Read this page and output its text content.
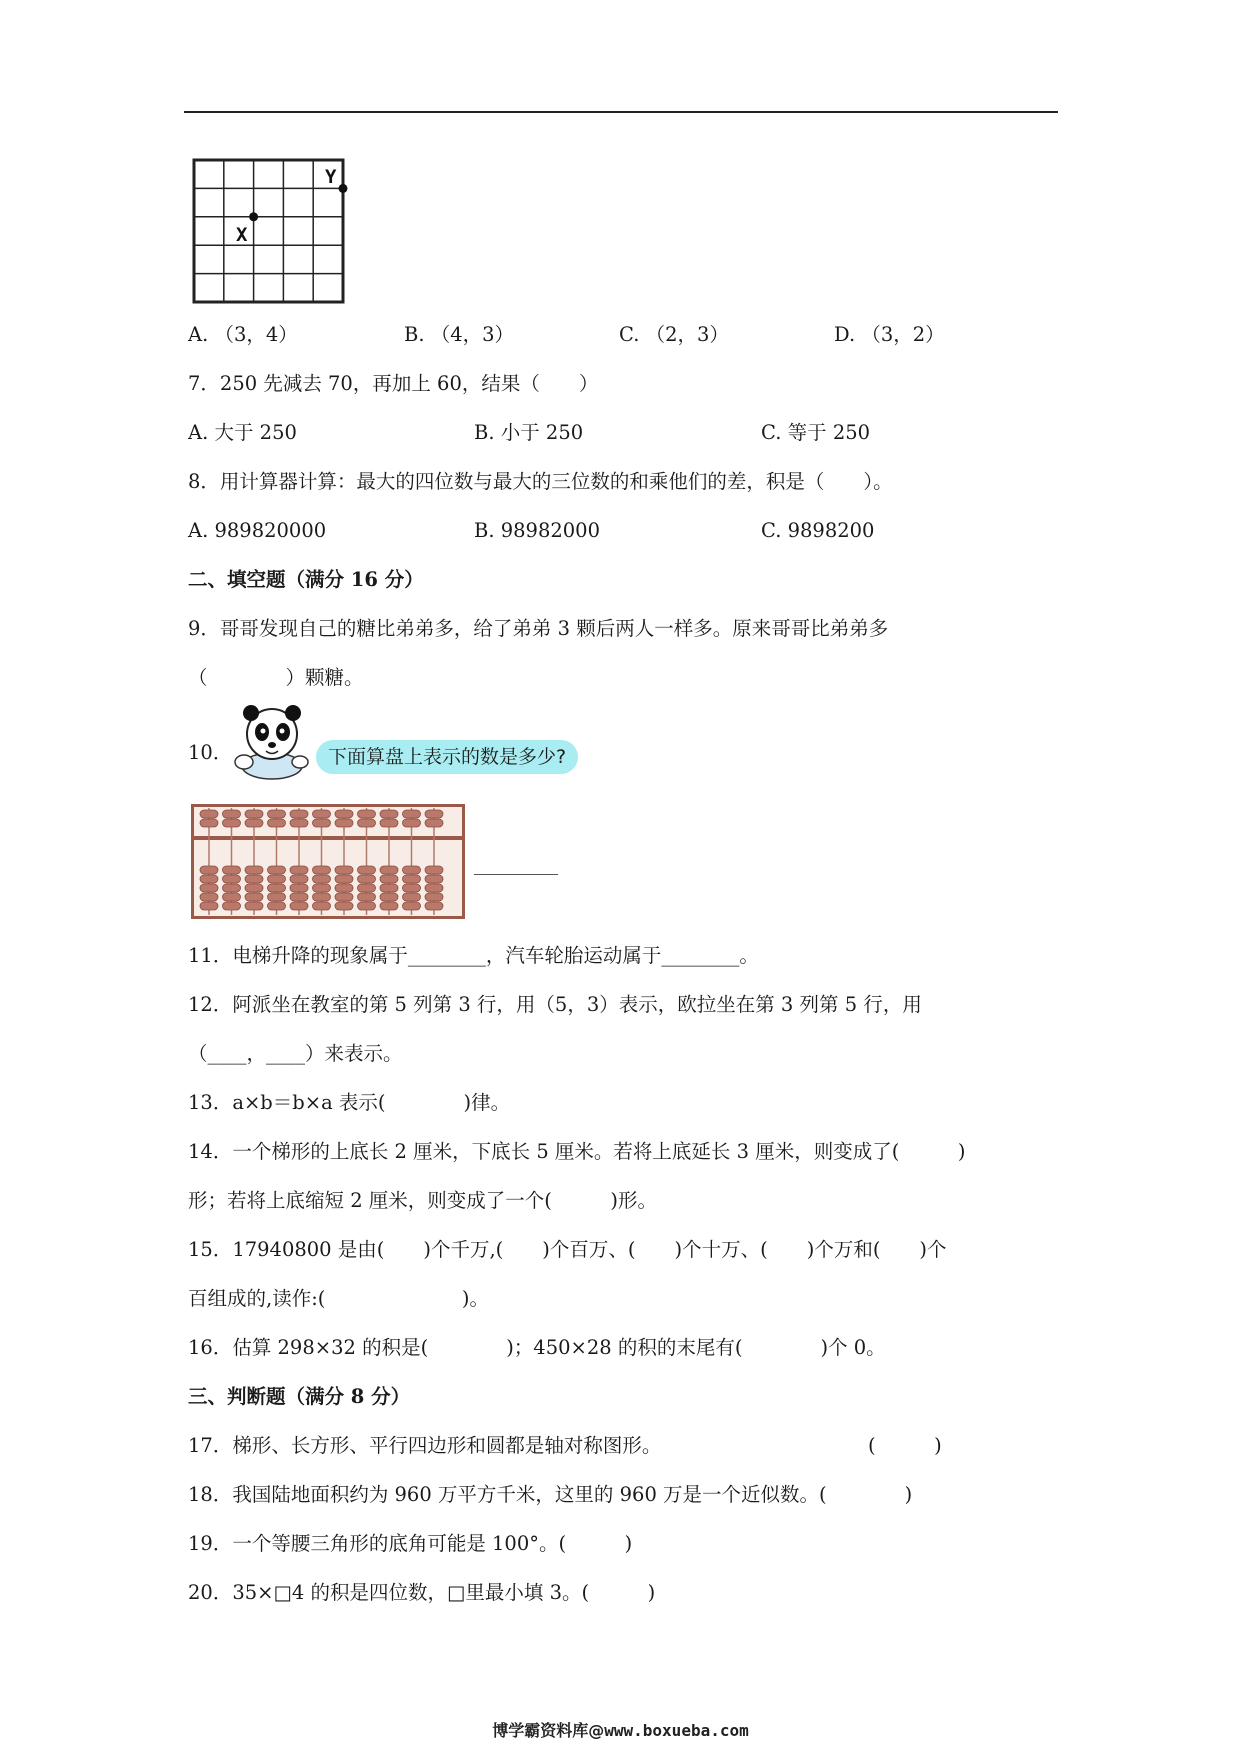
X
Y
A. （3，4）	B. （4，3）	C. （2，3）	D. （3，2）
7．250 先减去 70，再加上 60，结果（　　）
A. 大于 250	B. 小于 250	C. 等于 250
8．用计算器计算：最大的四位数与最大的三位数的和乘他们的差，积是（　　）。
A. 989820000	B. 98982000	C. 9898200
二、填空题（满分 16 分）
9．哥哥发现自己的糖比弟弟多，给了弟弟 3 颗后两人一样多。原来哥哥比弟弟多
（　　　　）颗糖。
10．	下面算盘上表示的数是多少?
11．电梯升降的现象属于________，汽车轮胎运动属于________。
12．阿派坐在教室的第 5 列第 3 行，用（5，3）表示，欧拉坐在第 3 列第 5 行，用
（____，____）来表示。
13．a×b＝b×a 表示(　　　　)律。
14．一个梯形的上底长 2 厘米，下底长 5 厘米。若将上底延长 3 厘米，则变成了(　　　)
形；若将上底缩短 2 厘米，则变成了一个(　　　)形。
15．17940800 是由(　　)个千万,(　　)个百万、(　　)个十万、(　　)个万和(　　)个
百组成的,读作:(　　　　　　　)。
16．估算 298×32 的积是(　　　　)；450×28 的积的末尾有(　　　　)个 0。
三、判断题（满分 8 分）
17．梯形、长方形、平行四边形和圆都是轴对称图形。	(　　　)
18．我国陆地面积约为 960 万平方千米，这里的 960 万是一个近似数。(　　　　)
19．一个等腰三角形的底角可能是 100°。(　　　)
20．35×□4 的积是四位数，□里最小填 3。(　　　)
博学霸资料库@www.boxueba.com
